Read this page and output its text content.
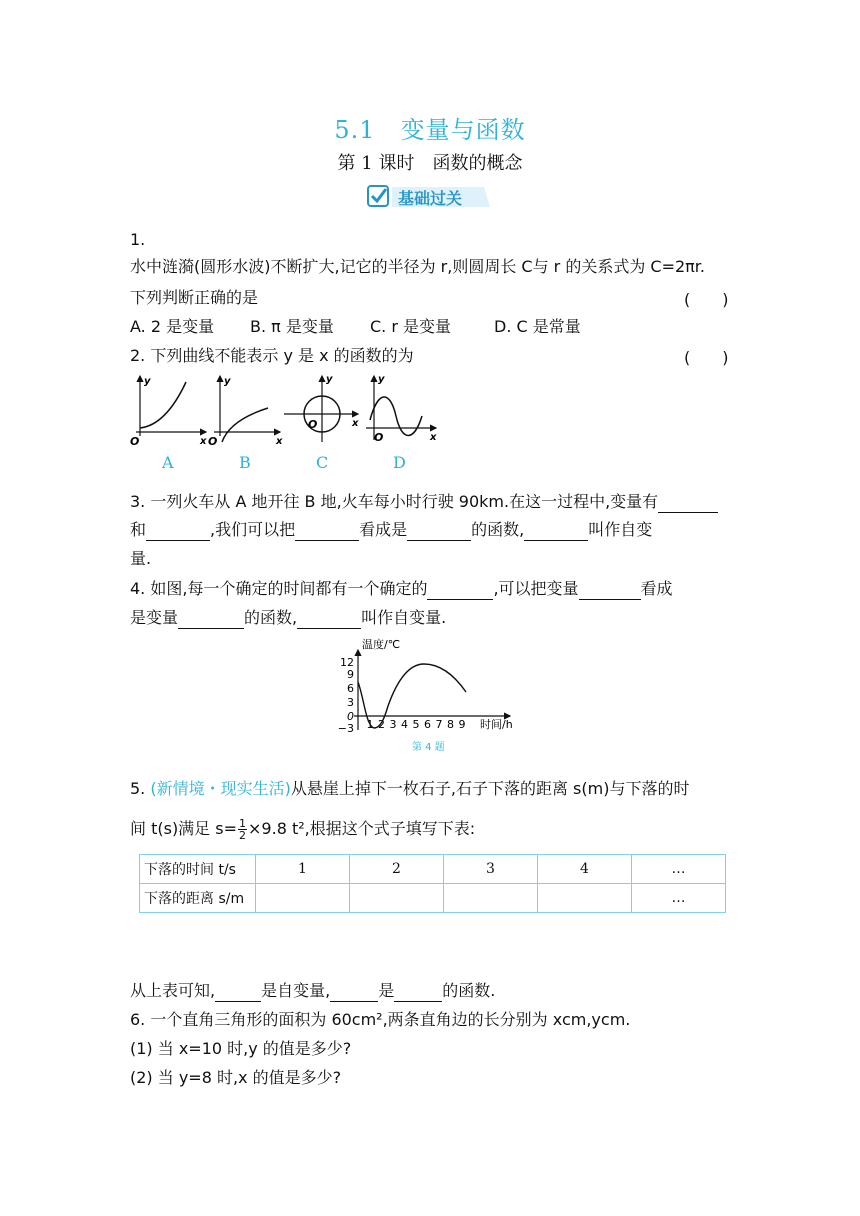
5.1　变量与函数
第 1 课时　函数的概念
基础过关
1.
水中涟漪(圆形水波)不断扩大,记它的半径为 r,则圆周长 C与 r 的关系式为 C=2πr.
下列判断正确的是	(　　)
A. 2 是变量 B. π 是变量 C. r 是变量	D. C 是常量
2. 下列曲线不能表示 y 是 x 的函数的为	(　　)
y
x
O
y
x
O
y
x
O
y
x
O
A	B	C	D
3. 一列火车从 A 地开往 B 地,火车每小时行驶 90km.在这一过程中,变量有
和	,我们可以把	看成是	的函数,	叫作自变
量.
4. 如图,每一个确定的时间都有一个确定的	,可以把变量	看成
是变量	的函数,	叫作自变量.
温度/℃
时间/h
12
9
6
3
0
−3 1 2 3 4 5 6 7 8 9
第 4 题
5. (新情境・现实生活)从悬崖上掉下一枚石子,石子下落的距离 s(m)与下落的时
间 t(s)满足 $s= \frac{1}{2} \times 9.8$ t²,根据这个式子填写下表:
下落的时间 t/s	1	2	3	4	…
下落的距离 s/m					…
从上表可知,	是自变量,	是	的函数.
6. 一个直角三角形的面积为 60cm²,两条直角边的长分别为 xcm,ycm.
(1) 当 x=10 时,y 的值是多少?
(2) 当 y=8 时,x 的值是多少?
